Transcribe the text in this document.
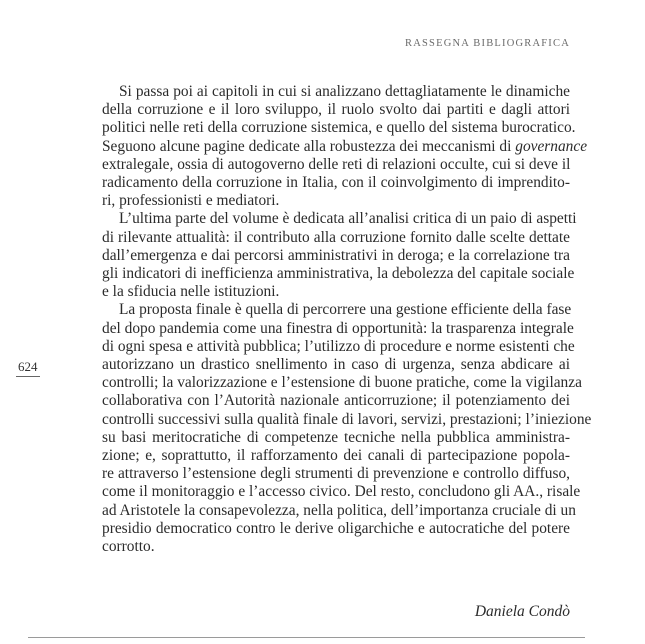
RASSEGNA BIBLIOGRAFICA
624
Si passa poi ai capitoli in cui si analizzano dettagliatamente le dinamiche
della corruzione e il loro sviluppo, il ruolo svolto dai partiti e dagli attori
politici nelle reti della corruzione sistemica, e quello del sistema burocratico.
Seguono alcune pagine dedicate alla robustezza dei meccanismi di governance
extralegale, ossia di autogoverno delle reti di relazioni occulte, cui si deve il
radicamento della corruzione in Italia, con il coinvolgimento di imprendito-
ri, professionisti e mediatori.
L’ultima parte del volume è dedicata all’analisi critica di un paio di aspetti
di rilevante attualità: il contributo alla corruzione fornito dalle scelte dettate
dall’emergenza e dai percorsi amministrativi in deroga; e la correlazione tra
gli indicatori di inefficienza amministrativa, la debolezza del capitale sociale
e la sfiducia nelle istituzioni.
La proposta finale è quella di percorrere una gestione efficiente della fase
del dopo pandemia come una finestra di opportunità: la trasparenza integrale
di ogni spesa e attività pubblica; l’utilizzo di procedure e norme esistenti che
autorizzano un drastico snellimento in caso di urgenza, senza abdicare ai
controlli; la valorizzazione e l’estensione di buone pratiche, come la vigilanza
collaborativa con l’Autorità nazionale anticorruzione; il potenziamento dei
controlli successivi sulla qualità finale di lavori, servizi, prestazioni; l’iniezione
su basi meritocratiche di competenze tecniche nella pubblica amministra-
zione; e, soprattutto, il rafforzamento dei canali di partecipazione popola-
re attraverso l’estensione degli strumenti di prevenzione e controllo diffuso,
come il monitoraggio e l’accesso civico. Del resto, concludono gli AA., risale
ad Aristotele la consapevolezza, nella politica, dell’importanza cruciale di un
presidio democratico contro le derive oligarchiche e autocratiche del potere
corrotto.
Daniela Condò
